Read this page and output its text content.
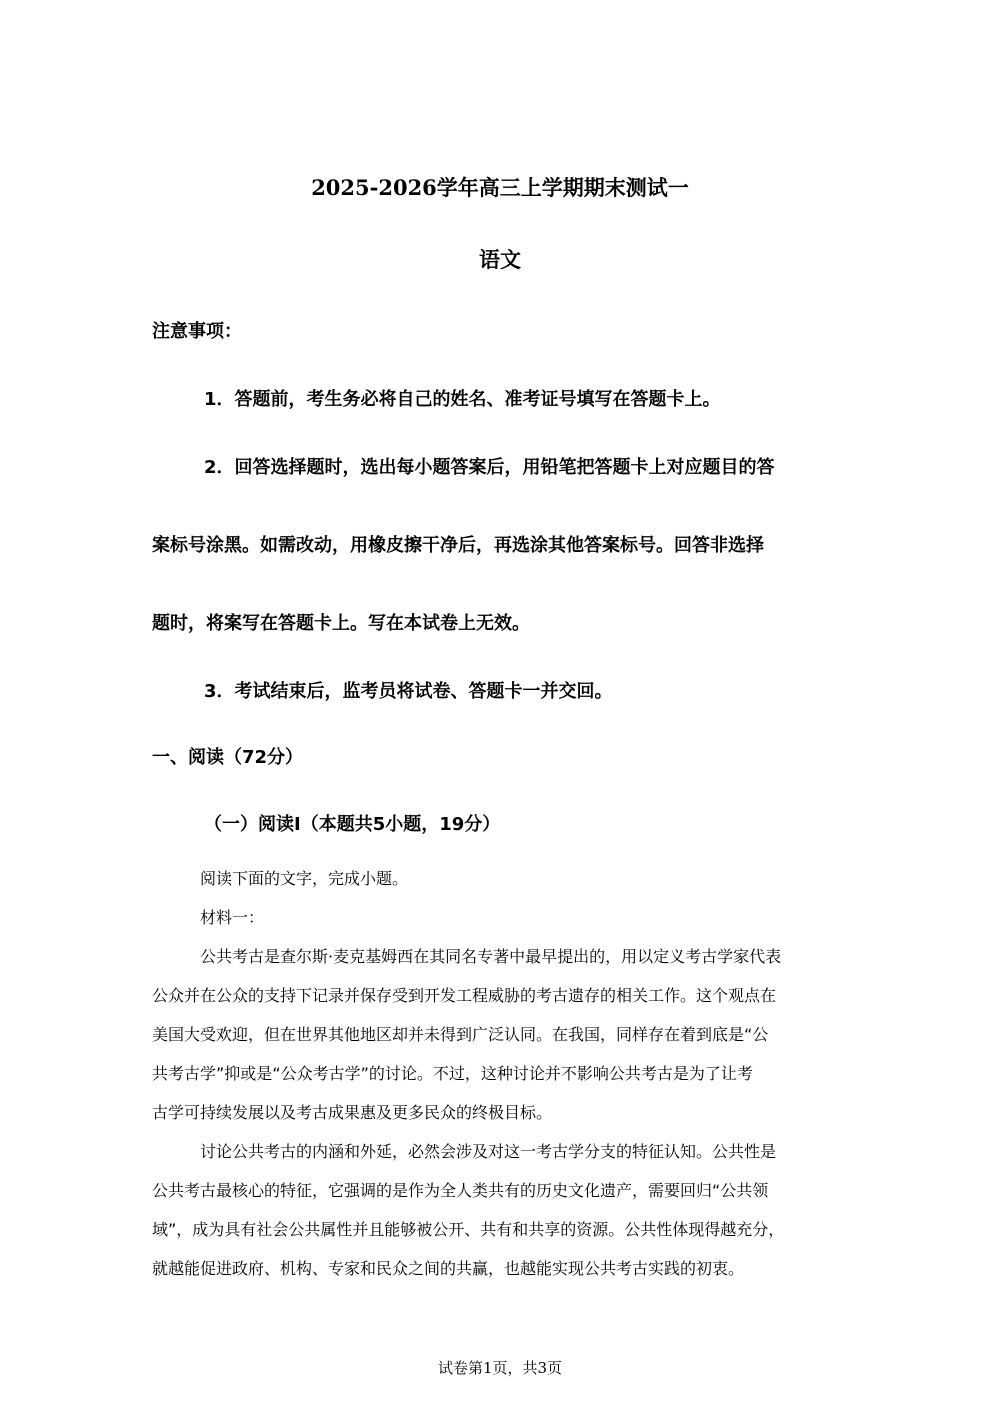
2025-2026学年高三上学期期末测试一
语文
注意事项：
1．答题前，考生务必将自己的姓名、准考证号填写在答题卡上。
2．回答选择题时，选出每小题答案后，用铅笔把答题卡上对应题目的答
案标号涂黑。如需改动，用橡皮擦干净后，再选涂其他答案标号。回答非选择
题时，将案写在答题卡上。写在本试卷上无效。
3．考试结束后，监考员将试卷、答题卡一并交回。
一、阅读（72分）
（一）阅读Ⅰ（本题共5小题，19分）
阅读下面的文字，完成小题。
材料一：
公共考古是查尔斯·麦克基姆西在其同名专著中最早提出的，用以定义考古学家代表
公众并在公众的支持下记录并保存受到开发工程威胁的考古遗存的相关工作。这个观点在
美国大受欢迎，但在世界其他地区却并未得到广泛认同。在我国，同样存在着到底是“公
共考古学”抑或是“公众考古学”的讨论。不过，这种讨论并不影响公共考古是为了让考
古学可持续发展以及考古成果惠及更多民众的终极目标。
讨论公共考古的内涵和外延，必然会涉及对这一考古学分支的特征认知。公共性是
公共考古最核心的特征，它强调的是作为全人类共有的历史文化遗产，需要回归“公共领
域”，成为具有社会公共属性并且能够被公开、共有和共享的资源。公共性体现得越充分，
就越能促进政府、机构、专家和民众之间的共赢，也越能实现公共考古实践的初衷。
试卷第1页，共3页
